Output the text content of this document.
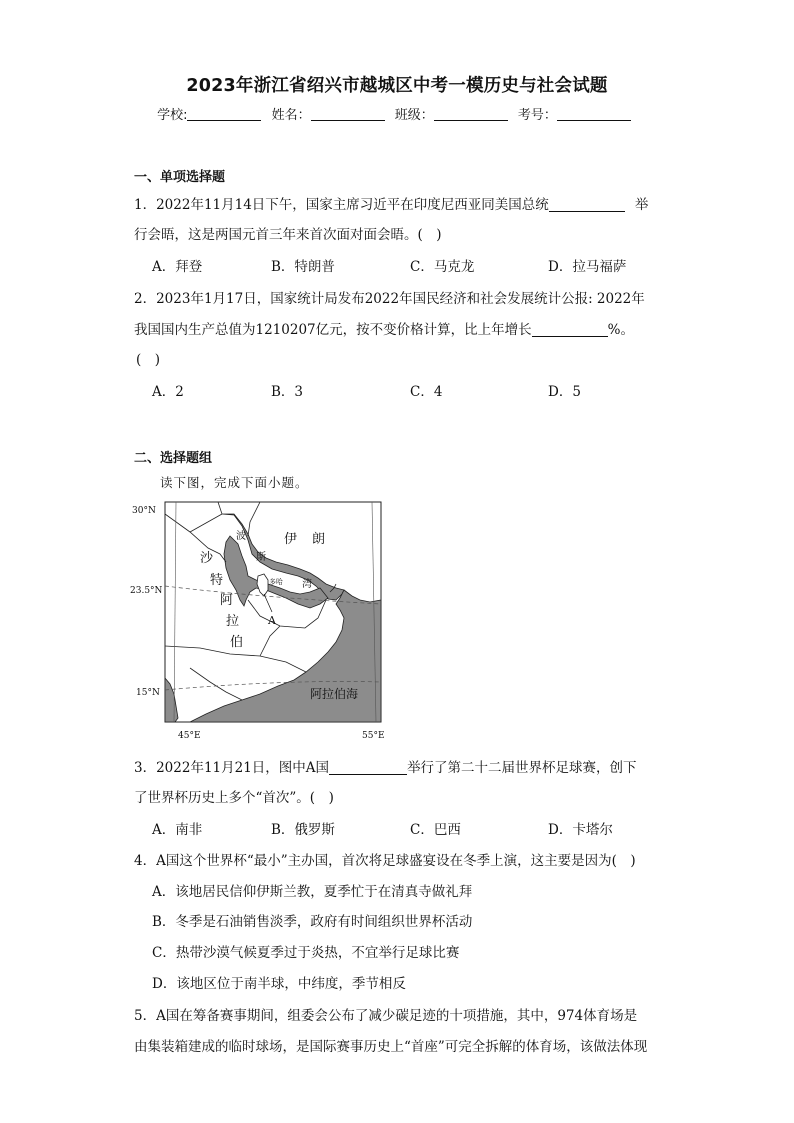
2023年浙江省绍兴市越城区中考一模历史与社会试题
学校:	姓名：	班级：	考号：
一、单项选择题
1．2022年11月14日下午，国家主席习近平在印度尼西亚同美国总统	举
行会晤，这是两国元首三年来首次面对面会晤。(　)
A．拜登	B．特朗普	C．马克龙	D．拉马福萨
2．2023年1月17日，国家统计局发布2022年国民经济和社会发展统计公报: 2022年
我国国内生产总值为1210207亿元，按不变价格计算，比上年增长	%。
(　)
A．2	B．3	C．4	D．5
二、选择题组
读下图，完成下面小题。
30°N
23.5°N
15°N
45°E	55°E
伊 朗
波
斯
湾
多哈
沙
特
阿
拉
伯
A
阿拉伯海
3．2022年11月21日，图中A国	举行了第二十二届世界杯足球赛，创下
了世界杯历史上多个“首次”。(　)
A．南非	B．俄罗斯	C．巴西	D．卡塔尔
4．A国这个世界杯“最小”主办国，首次将足球盛宴设在冬季上演，这主要是因为(　)
A．该地居民信仰伊斯兰教，夏季忙于在清真寺做礼拜
B．冬季是石油销售淡季，政府有时间组织世界杯活动
C．热带沙漠气候夏季过于炎热，不宜举行足球比赛
D．该地区位于南半球，中纬度，季节相反
5．A国在筹备赛事期间，组委会公布了减少碳足迹的十项措施，其中，974体育场是
由集装箱建成的临时球场，是国际赛事历史上“首座”可完全拆解的体育场，该做法体现
